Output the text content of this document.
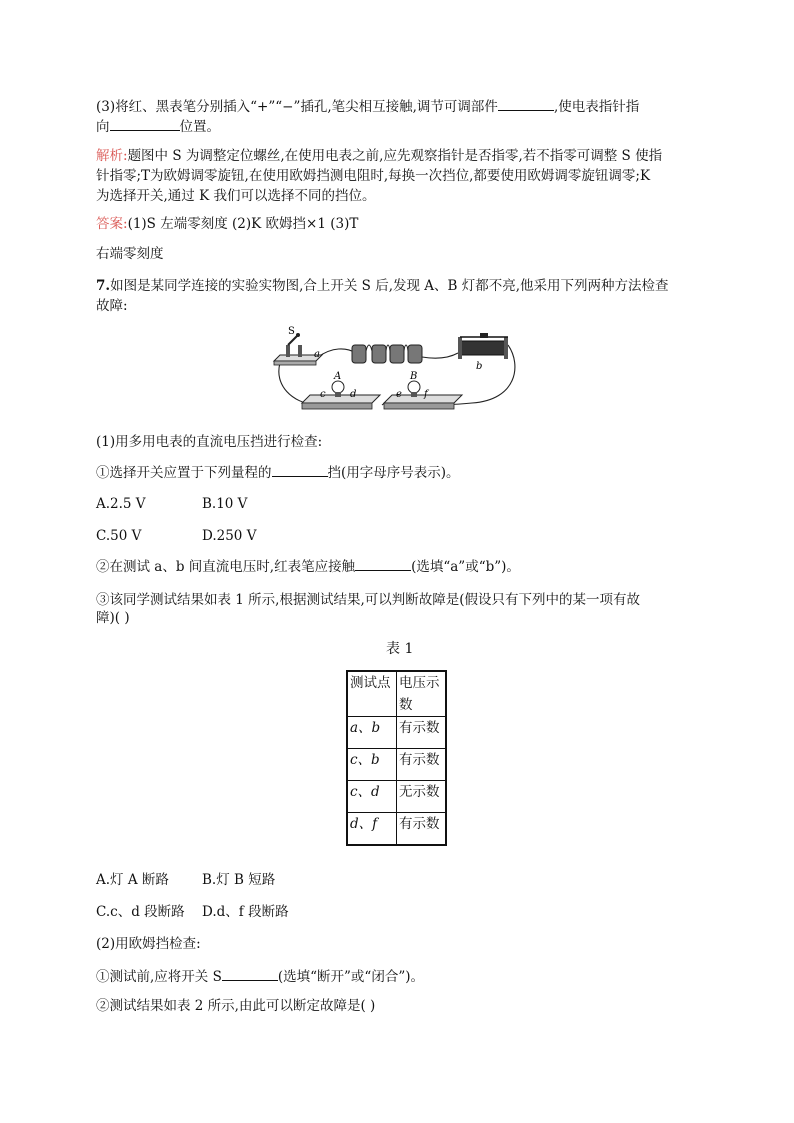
(3)将红、黑表笔分别插入“+”“−”插孔,笔尖相互接触,调节可调部件	,使电表指针指
向	位置。
解析:题图中 S 为调整定位螺丝,在使用电表之前,应先观察指针是否指零,若不指零可调整 S 使指
针指零;T为欧姆调零旋钮,在使用欧姆挡测电阻时,每换一次挡位,都要使用欧姆调零旋钮调零;K
为选择开关,通过 K 我们可以选择不同的挡位。
答案:(1)S 左端零刻度 (2)K 欧姆挡×1 (3)T
右端零刻度
7.如图是某同学连接的实验实物图,合上开关 S 后,发现 A、B 灯都不亮,他采用下列两种方法检查
故障:
S
a
b
A
c d
B
e f
(1)用多用电表的直流电压挡进行检查:
①选择开关应置于下列量程的	挡(用字母序号表示)。
A.2.5 V	B.10 V
C.50 V	D.250 V
②在测试 a、b 间直流电压时,红表笔应接触	(选填“a”或“b”)。
③该同学测试结果如表 1 所示,根据测试结果,可以判断故障是(假设只有下列中的某一项有故
障)( )
表 1
测试点	电压示数
a、b	有示数
c、b	有示数
c、d	无示数
d、f	有示数
A.灯 A 断路 B.灯 B 短路
C.c、d 段断路 D.d、f 段断路
(2)用欧姆挡检查:
①测试前,应将开关 S	(选填“断开”或“闭合”)。
②测试结果如表 2 所示,由此可以断定故障是( )
